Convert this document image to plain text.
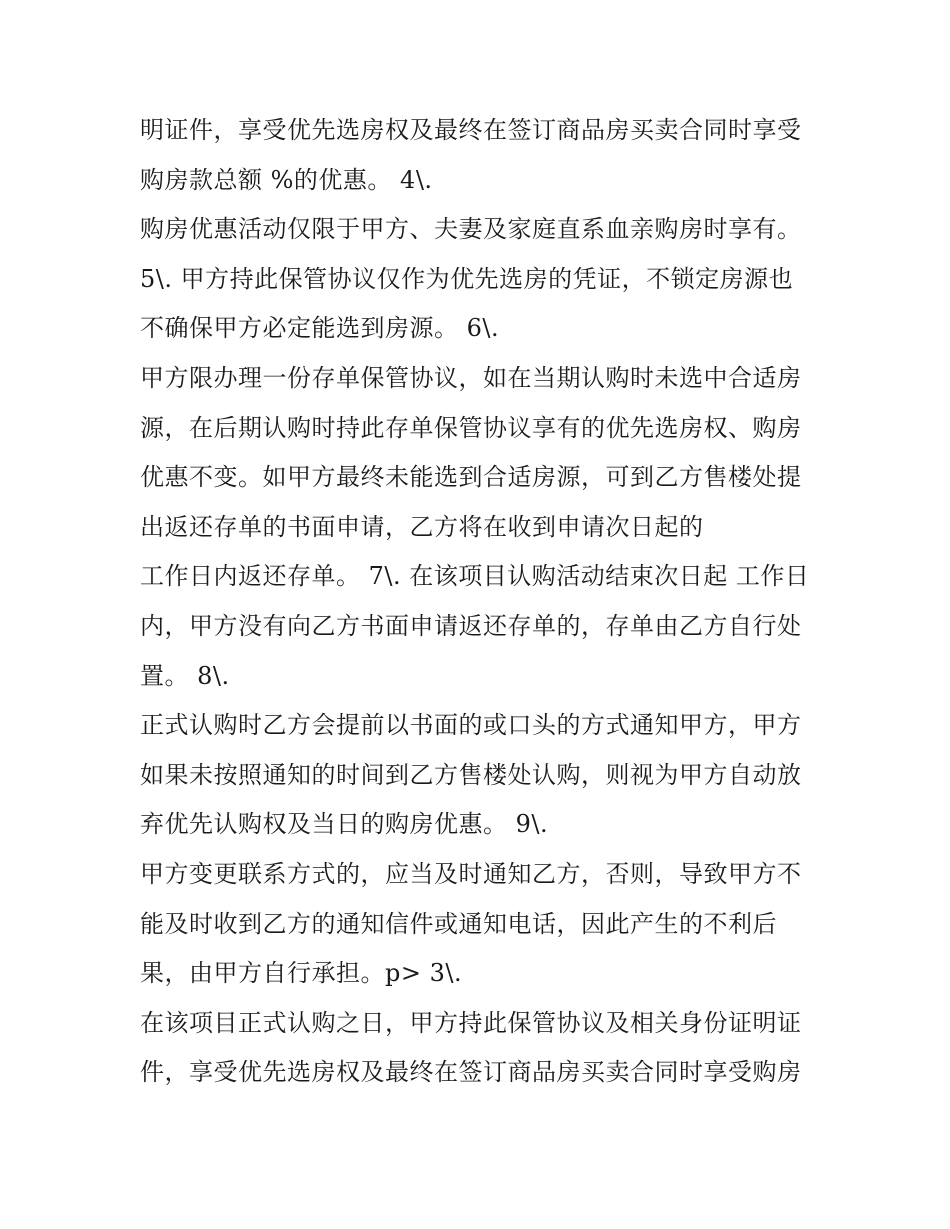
明证件，享受优先选房权及最终在签订商品房买卖合同时享受
购房款总额 %的优惠。 4\.
购房优惠活动仅限于甲方、夫妻及家庭直系血亲购房时享有。
5\. 甲方持此保管协议仅作为优先选房的凭证，不锁定房源也
不确保甲方必定能选到房源。 6\.
甲方限办理一份存单保管协议，如在当期认购时未选中合适房
源，在后期认购时持此存单保管协议享有的优先选房权、购房
优惠不变。如甲方最终未能选到合适房源，可到乙方售楼处提
出返还存单的书面申请，乙方将在收到申请次日起的
工作日内返还存单。 7\. 在该项目认购活动结束次日起 工作日
内，甲方没有向乙方书面申请返还存单的，存单由乙方自行处
置。 8\.
正式认购时乙方会提前以书面的或口头的方式通知甲方，甲方
如果未按照通知的时间到乙方售楼处认购，则视为甲方自动放
弃优先认购权及当日的购房优惠。 9\.
甲方变更联系方式的，应当及时通知乙方，否则，导致甲方不
能及时收到乙方的通知信件或通知电话，因此产生的不利后
果，由甲方自行承担。p> 3\.
在该项目正式认购之日，甲方持此保管协议及相关身份证明证
件，享受优先选房权及最终在签订商品房买卖合同时享受购房
